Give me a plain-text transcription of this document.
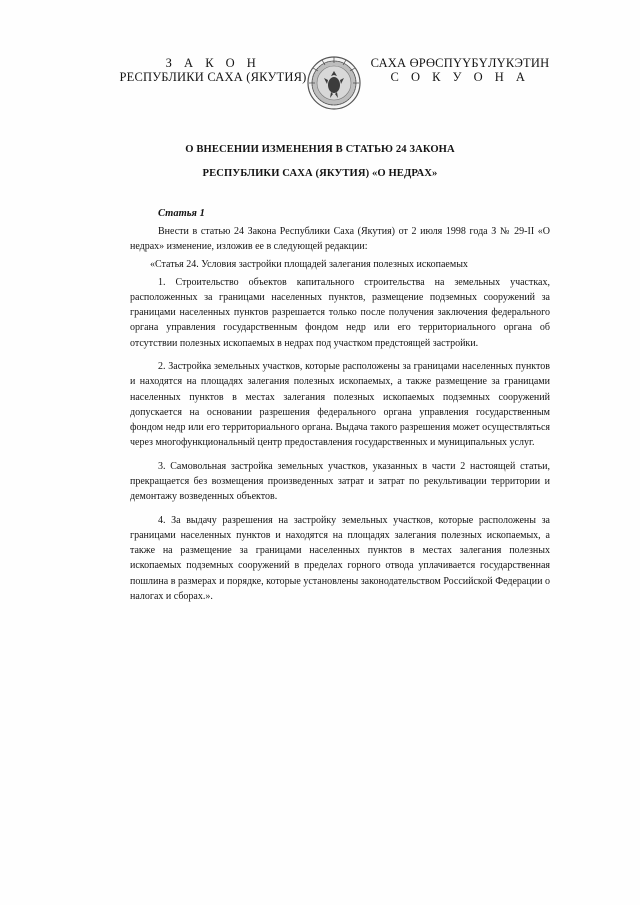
З А К О Н
РЕСПУБЛИКИ САХА (ЯКУТИЯ)
САХА ӨРӨСПҮҮБҮЛҮКЭТИН
С О К У О Н А
О ВНЕСЕНИИ ИЗМЕНЕНИЯ В СТАТЬЮ 24 ЗАКОНА
РЕСПУБЛИКИ САХА (ЯКУТИЯ) «О НЕДРАХ»
Статья 1

Внести в статью 24 Закона Республики Саха (Якутия) от 2 июля 1998 года З № 29-II «О недрах» изменение, изложив ее в следующей редакции:

«Статья 24. Условия застройки площадей залегания полезных ископаемых

1. Строительство объектов капитального строительства на земельных участках, расположенных за границами населенных пунктов, размещение подземных сооружений за границами населенных пунктов разрешается только после получения заключения федерального органа управления государственным фондом недр или его территориального органа об отсутствии полезных ископаемых в недрах под участком предстоящей застройки.

2. Застройка земельных участков, которые расположены за границами населенных пунктов и находятся на площадях залегания полезных ископаемых, а также размещение за границами населенных пунктов в местах залегания полезных ископаемых подземных сооружений допускается на основании разрешения федерального органа управления государственным фондом недр или его территориального органа. Выдача такого разрешения может осуществляться через многофункциональный центр предоставления государственных и муниципальных услуг.

3. Самовольная застройка земельных участков, указанных в части 2 настоящей статьи, прекращается без возмещения произведенных затрат и затрат по рекультивации территории и демонтажу возведенных объектов.

4. За выдачу разрешения на застройку земельных участков, которые расположены за границами населенных пунктов и находятся на площадях залегания полезных ископаемых, а также на размещение за границами населенных пунктов в местах залегания полезных ископаемых подземных сооружений в пределах горного отвода уплачивается государственная пошлина в размерах и порядке, которые установлены законодательством Российской Федерации о налогах и сборах.».
